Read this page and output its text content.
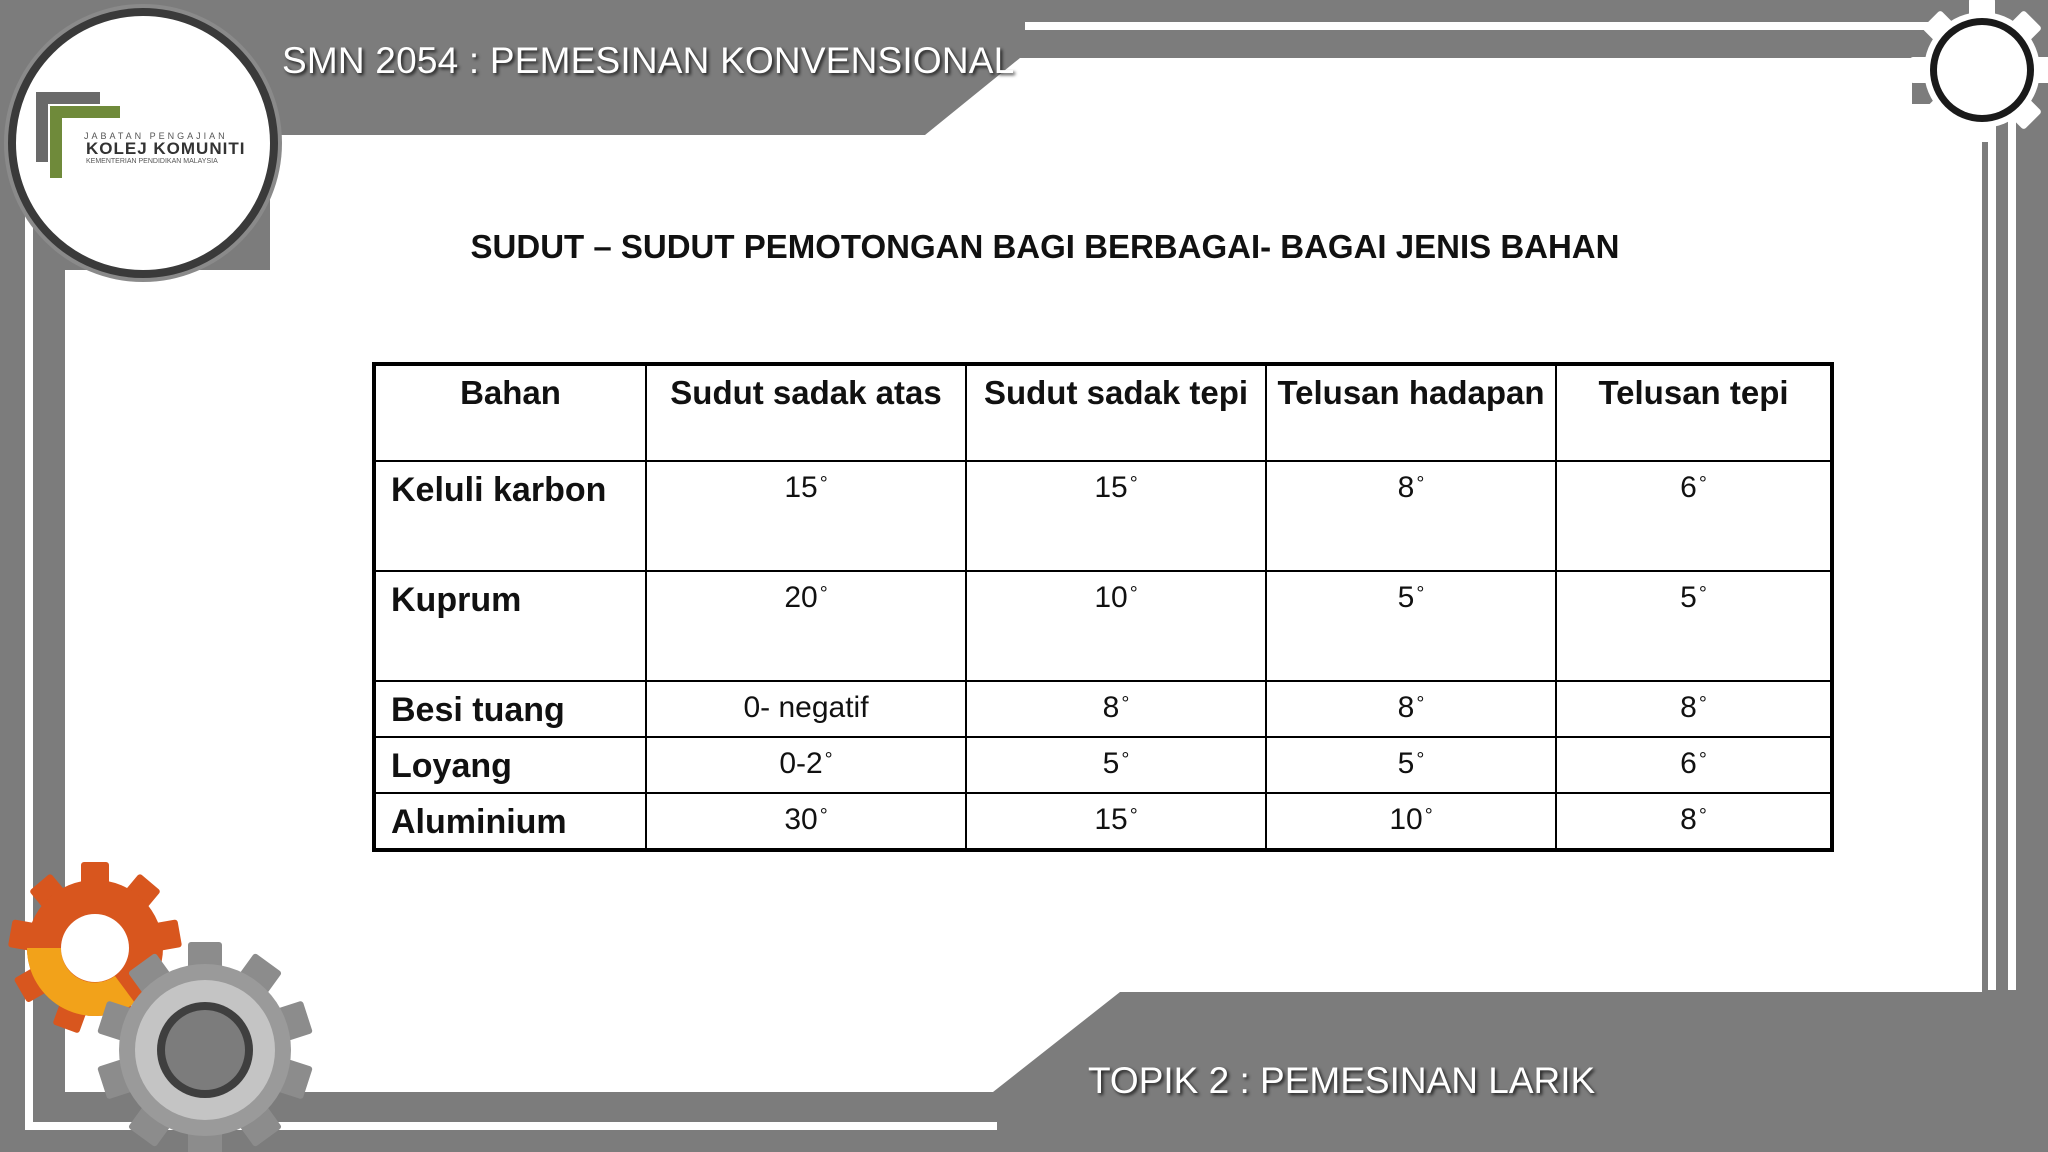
SMN 2054 : PEMESINAN KONVENSIONAL
JABATAN PENGAJIAN
KOLEJ KOMUNITI
KEMENTERIAN PENDIDIKAN MALAYSIA
SUDUT – SUDUT PEMOTONGAN BAGI BERBAGAI- BAGAI JENIS BAHAN
Bahan	Sudut sadak atas	Sudut sadak tepi	Telusan hadapan	Telusan tepi
Keluli karbon	15 °	15 °	8 °	6 °
Kuprum	20 °	10 °	5 °	5 °
Besi tuang	0- negatif	8 °	8 °	8 °
Loyang	0-2 °	5 °	5 °	6 °
Aluminium	30 °	15 °	10 °	8 °
TOPIK 2 : PEMESINAN LARIK
